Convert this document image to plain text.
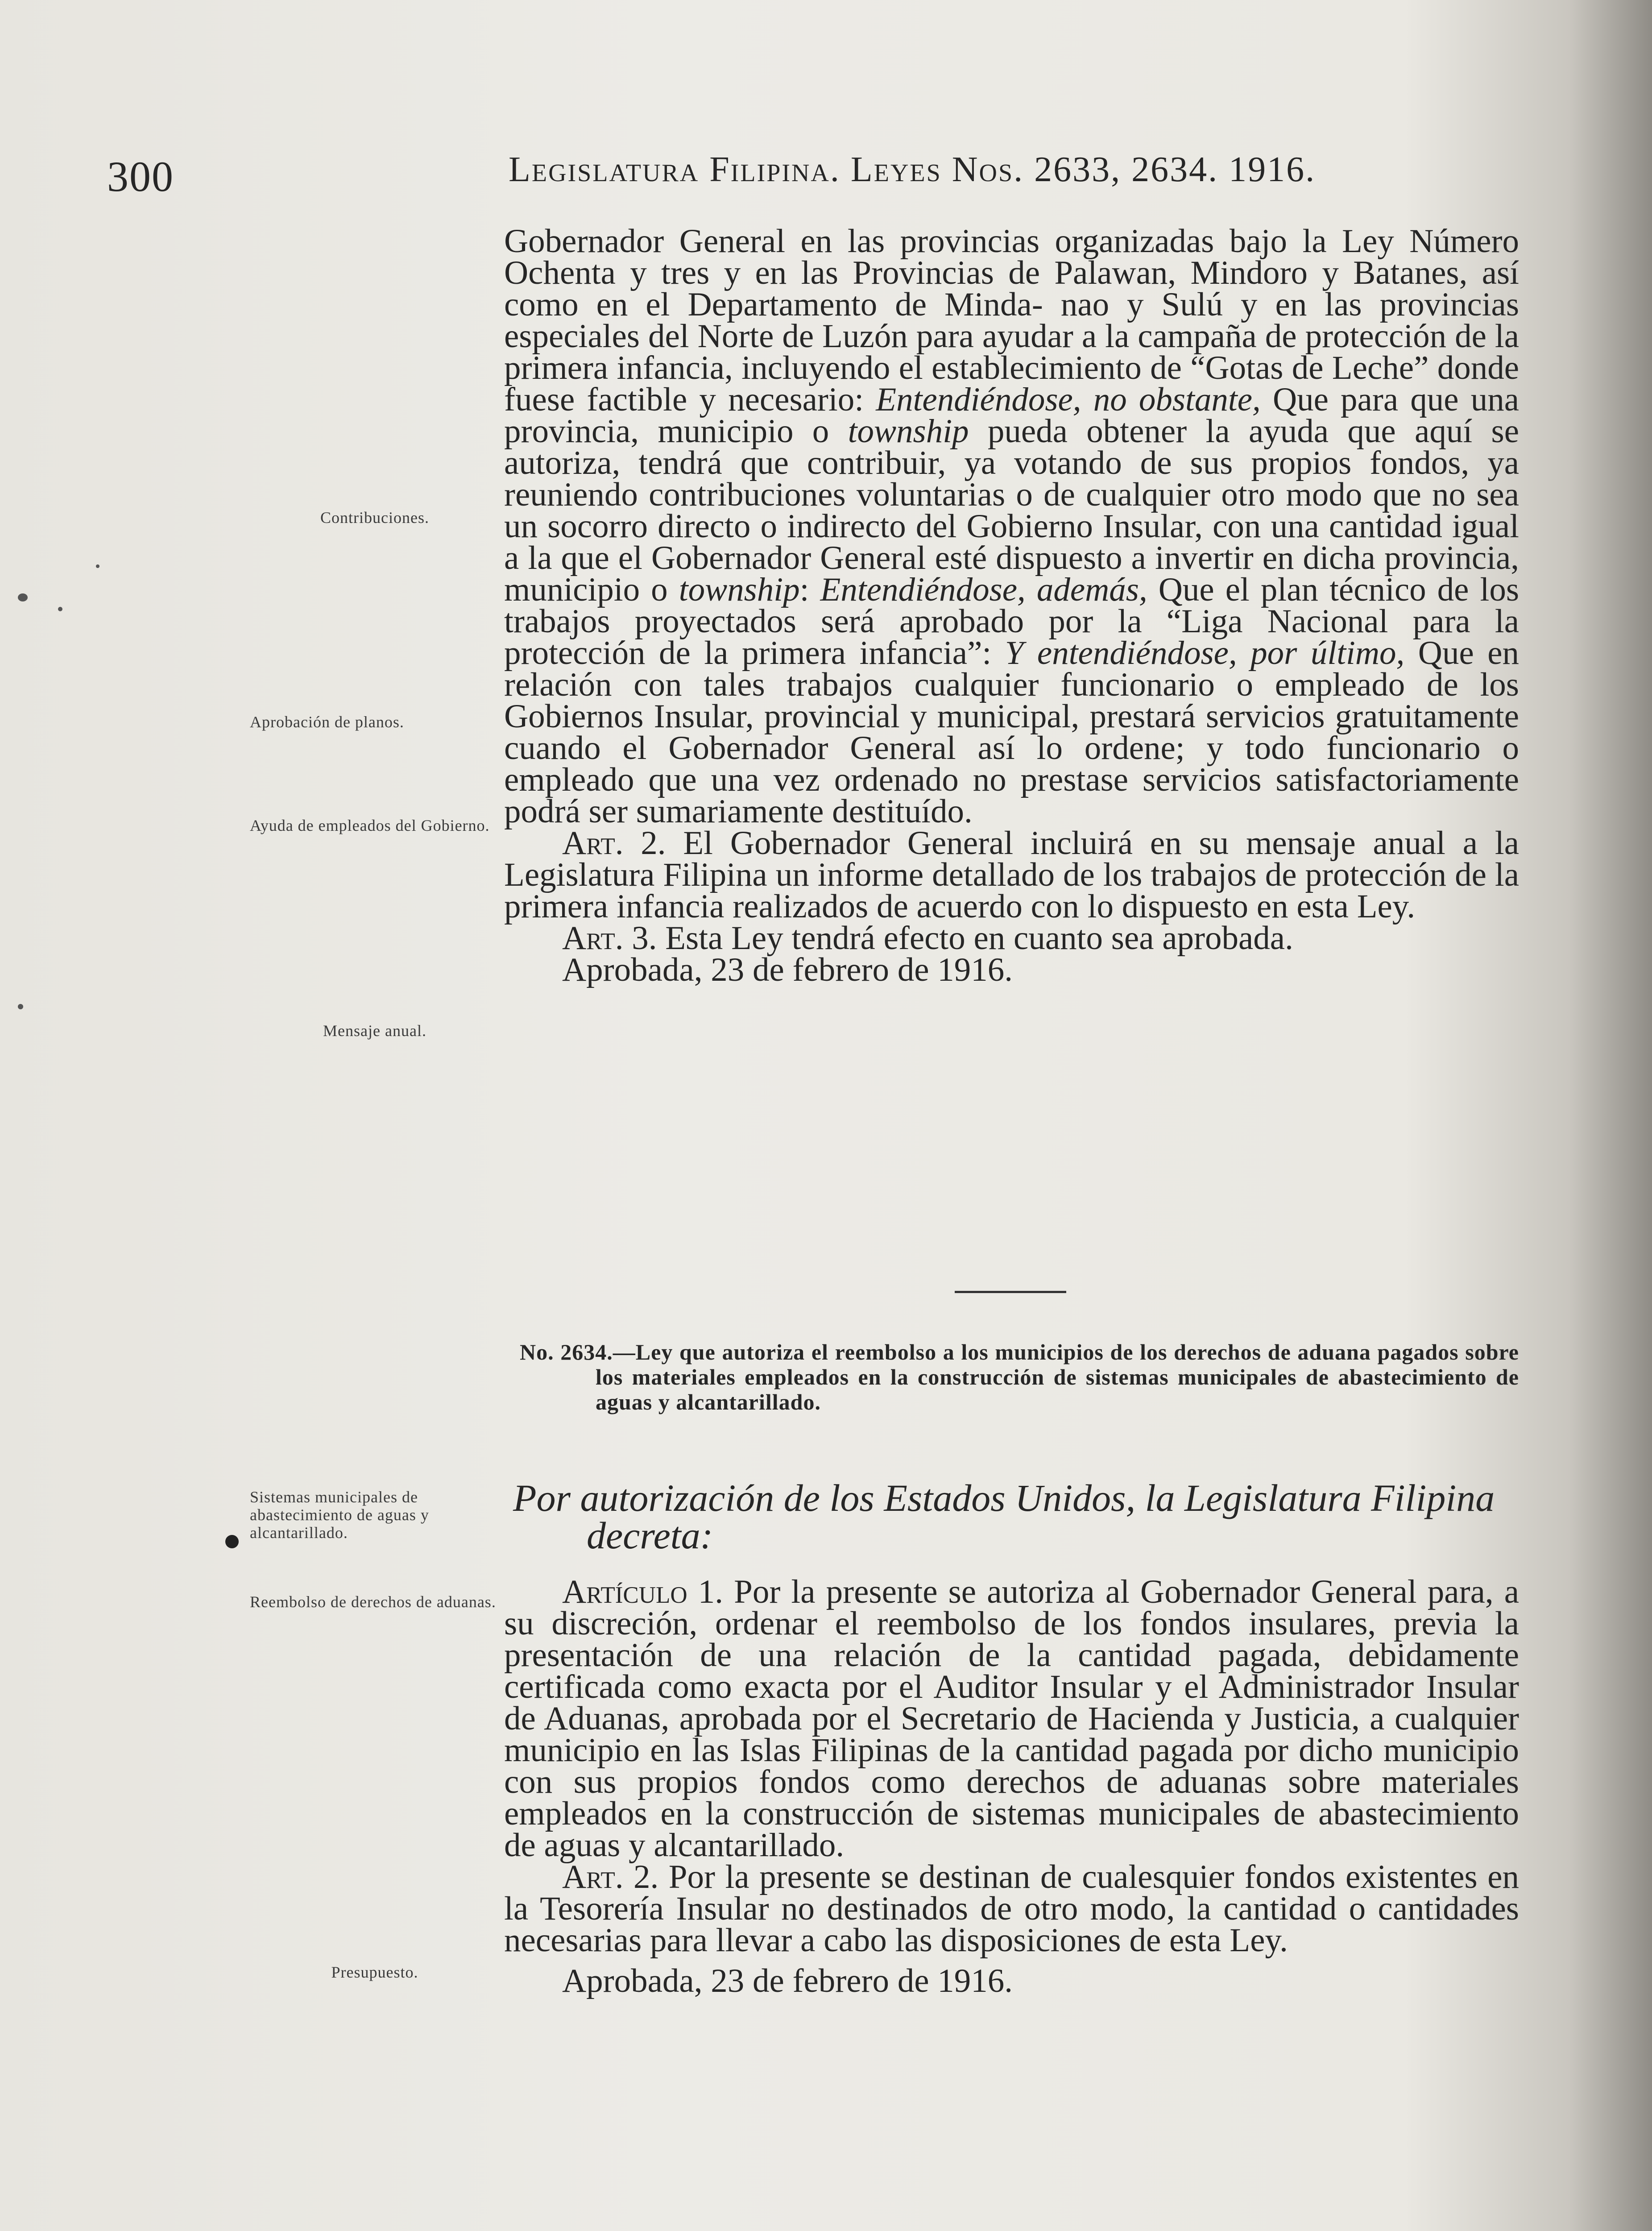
300	Legislatura Filipina. Leyes Nos. 2633, 2634. 1916.

Gobernador General en las provincias organizadas bajo la Ley Número Ochenta y tres y en las Provincias de Palawan, Mindoro y Batanes, así como en el Departamento de Minda- nao y Sulú y en las provincias especiales del Norte de Luzón para ayudar a la campaña de protección de la primera infancia, incluyendo el establecimiento de “Gotas de Leche” donde fuese factible y necesario: Entendiéndose, no obstante, Que para que una provincia, municipio o township pueda obtener la ayuda que aquí se autoriza, tendrá que contribuir, ya votando de sus propios fondos, ya reuniendo contribuciones voluntarias o de cualquier otro modo que no sea un socorro directo o indirecto del Gobierno Insular, con una cantidad igual a la que el Gobernador General esté dispuesto a invertir en dicha provincia, municipio o township: Entendiéndose, además, Que el plan técnico de los trabajos proyectados será aprobado por la “Liga Nacional para la protección de la primera infancia”: Y entendiéndose, por último, Que en relación con tales trabajos cualquier funcionario o empleado de los Gobiernos Insular, provincial y municipal, prestará servicios gratuitamente cuando el Gobernador General así lo ordene; y todo funcionario o empleado que una vez ordenado no prestase servicios satisfactoriamente podrá ser sumariamente destituído.

Art. 2. El Gobernador General incluirá en su mensaje anual a la Legislatura Filipina un informe detallado de los trabajos de protección de la primera infancia realizados de acuerdo con lo dispuesto en esta Ley.

Art. 3. Esta Ley tendrá efecto en cuanto sea aprobada.

Aprobada, 23 de febrero de 1916.

No. 2634.—Ley que autoriza el reembolso a los municipios de los derechos de aduana pagados sobre los materiales empleados en la construcción de sistemas municipales de abastecimiento de aguas y alcantarillado.
Por autorización de los Estados Unidos, la Legislatura Filipina decreta:

Artículo 1. Por la presente se autoriza al Gobernador General para, a su discreción, ordenar el reembolso de los fondos insulares, previa la presentación de una relación de la cantidad pagada, debidamente certificada como exacta por el Auditor Insular y el Administrador Insular de Aduanas, aprobada por el Secretario de Hacienda y Justicia, a cualquier municipio en las Islas Filipinas de la cantidad pagada por dicho municipio con sus propios fondos como derechos de aduanas sobre materiales empleados en la construcción de sistemas municipales de abastecimiento de aguas y alcantarillado.

Art. 2. Por la presente se destinan de cualesquier fondos existentes en la Tesorería Insular no destinados de otro modo, la cantidad o cantidades necesarias para llevar a cabo las disposiciones de esta Ley.

Aprobada, 23 de febrero de 1916.

Contribuciones.
Aprobación de planos.
Ayuda de empleados del Gobierno.
Mensaje anual.
Sistemas municipales de abastecimiento de aguas y alcantarillado.
Reembolso de derechos de aduanas.
Presupuesto.
